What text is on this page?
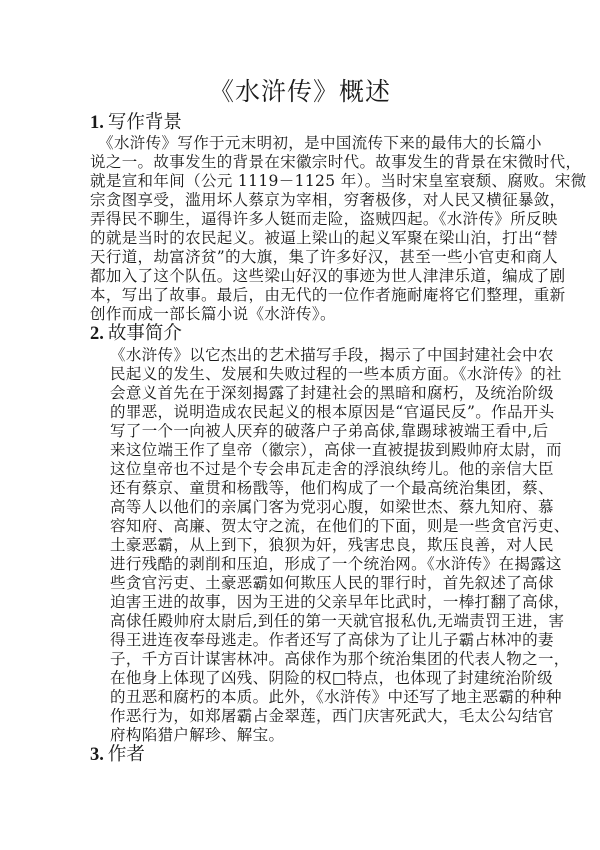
《水浒传》概述
1. 写作背景
　《水浒传》写作于元末明初，是中国流传下来的最伟大的长篇小
说之一。故事发生的背景在宋徽宗时代。故事发生的背景在宋微时代，
就是宣和年间（公元 1119－1125 年）。当时宋皇室衰颓、腐败。宋微
宗贪图享受，滥用坏人蔡京为宰相，穷奢极侈，对人民又横征暴敛，
弄得民不聊生，逼得许多人铤而走险，盗贼四起。《水浒传》所反映
的就是当时的农民起义。被逼上梁山的起义军聚在梁山泊，打出“替
天行道，劫富济贫”的大旗，集了许多好汉，甚至一些小官吏和商人
都加入了这个队伍。这些梁山好汉的事迹为世人津津乐道，编成了剧
本，写出了故事。最后，由无代的一位作者施耐庵将它们整理，重新
创作而成一部长篇小说《水浒传》。
2. 故事简介
《水浒传》以它杰出的艺术描写手段，揭示了中国封建社会中农
民起义的发生、发展和失败过程的一些本质方面。《水浒传》的社
会意义首先在于深刻揭露了封建社会的黑暗和腐朽，及统治阶级
的罪恶，说明造成农民起义的根本原因是“官逼民反”。作品开头
写了一个一向被人厌弃的破落户子弟高俅,靠踢球被端王看中,后
来这位端王作了皇帝（徽宗），高俅一直被提拔到殿帅府太尉，而
这位皇帝也不过是个专会串瓦走舍的浮浪纨绔儿。他的亲信大臣
还有蔡京、童贯和杨戬等，他们构成了一个最高统治集团，蔡、
高等人以他们的亲属门客为党羽心腹，如梁世杰、蔡九知府、慕
容知府、高廉、贺太守之流，在他们的下面，则是一些贪官污吏、
土豪恶霸，从上到下，狼狈为奸，残害忠良，欺压良善，对人民
进行残酷的剥削和压迫，形成了一个统治网。《水浒传》在揭露这
些贪官污吏、土豪恶霸如何欺压人民的罪行时，首先叙述了高俅
迫害王进的故事，因为王进的父亲早年比武时，一棒打翻了高俅，
高俅任殿帅府太尉后,到任的第一天就官报私仇,无端责罚王进，害
得王进连夜奉母逃走。作者还写了高俅为了让儿子霸占林冲的妻
子，千方百计谋害林冲。高俅作为那个统治集团的代表人物之一，
在他身上体现了凶残、阴险的权□特点，也体现了封建统治阶级
的丑恶和腐朽的本质。此外，《水浒传》中还写了地主恶霸的种种
作恶行为，如郑屠霸占金翠莲，西门庆害死武大，毛太公勾结官
府构陷猎户解珍、解宝。
3. 作者
